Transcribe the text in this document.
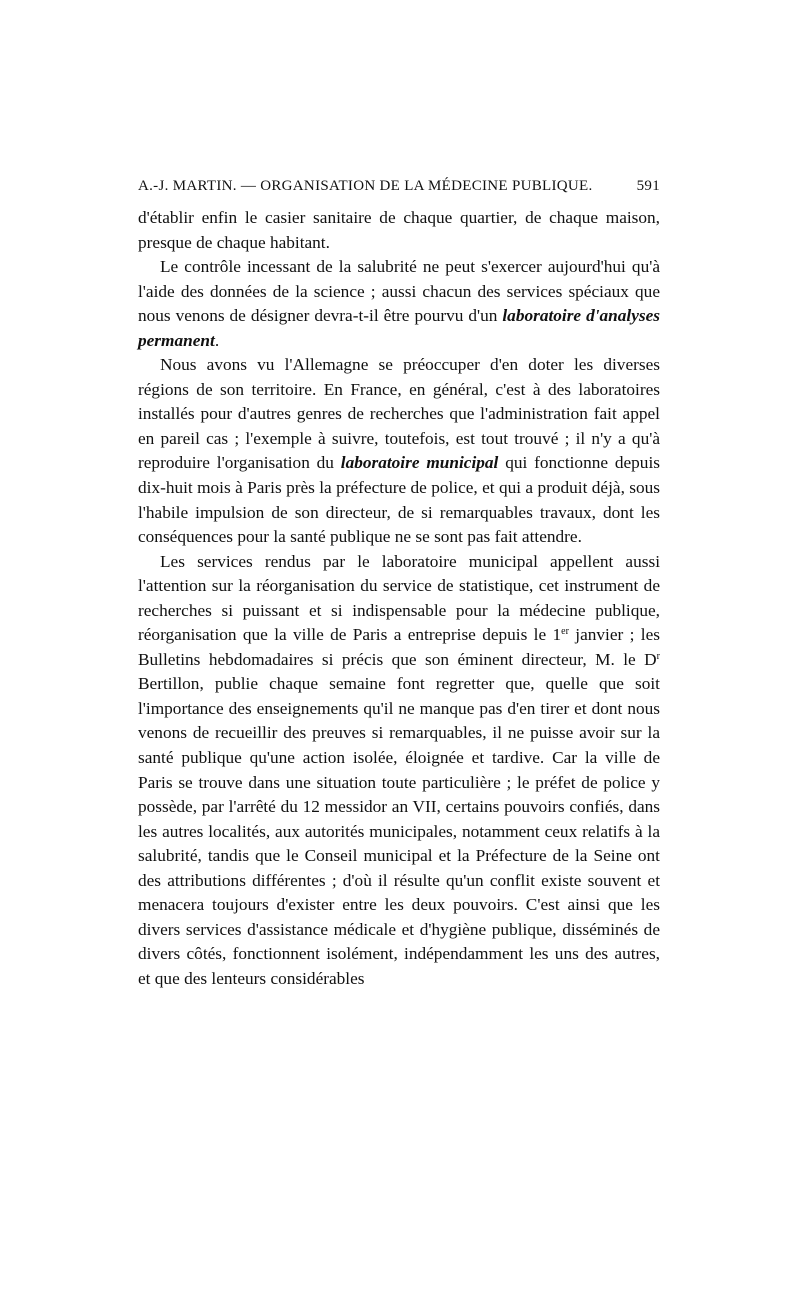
A.-J. MARTIN. — ORGANISATION DE LA MÉDECINE PUBLIQUE.	591

d'établir enfin le casier sanitaire de chaque quartier, de chaque maison, presque de chaque habitant.

Le contrôle incessant de la salubrité ne peut s'exercer aujourd'hui qu'à l'aide des données de la science ; aussi chacun des services spéciaux que nous venons de désigner devra-t-il être pourvu d'un laboratoire d'analyses permanent.

Nous avons vu l'Allemagne se préoccuper d'en doter les diverses régions de son territoire. En France, en général, c'est à des laboratoires installés pour d'autres genres de recherches que l'administration fait appel en pareil cas ; l'exemple à suivre, toutefois, est tout trouvé ; il n'y a qu'à reproduire l'organisation du laboratoire municipal qui fonctionne depuis dix-huit mois à Paris près la préfecture de police, et qui a produit déjà, sous l'habile impulsion de son directeur, de si remarquables travaux, dont les conséquences pour la santé publique ne se sont pas fait attendre.

Les services rendus par le laboratoire municipal appellent aussi l'attention sur la réorganisation du service de statistique, cet instrument de recherches si puissant et si indispensable pour la médecine publique, réorganisation que la ville de Paris a entreprise depuis le 1er janvier ; les Bulletins hebdomadaires si précis que son éminent directeur, M. le $D^r$ Bertillon, publie chaque semaine font regretter que, quelle que soit l'importance des enseignements qu'il ne manque pas d'en tirer et dont nous venons de recueillir des preuves si remarquables, il ne puisse avoir sur la santé publique qu'une action isolée, éloignée et tardive. Car la ville de Paris se trouve dans une situation toute particulière ; le préfet de police y possède, par l'arrêté du 12 messidor an VII, certains pouvoirs confiés, dans les autres localités, aux autorités municipales, notamment ceux relatifs à la salubrité, tandis que le Conseil municipal et la Préfecture de la Seine ont des attributions différentes ; d'où il résulte qu'un conflit existe souvent et menacera toujours d'exister entre les deux pouvoirs. C'est ainsi que les divers services d'assistance médicale et d'hygiène publique, disséminés de divers côtés, fonctionnent isolément, indépendamment les uns des autres, et que des lenteurs considérables
